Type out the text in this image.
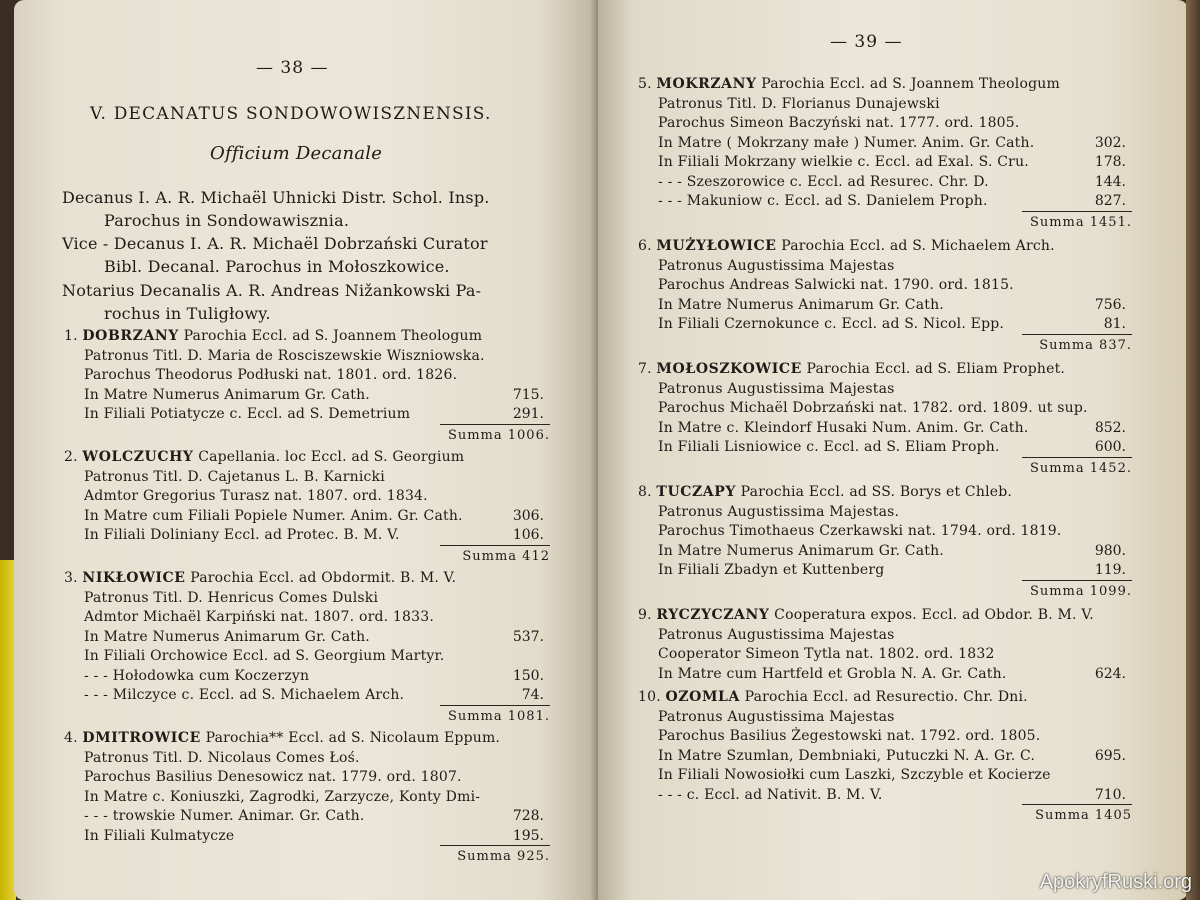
— 38 —
V. DECANATUS SONDOWOWISZNENSIS.
Officium Decanale
Decanus I. A. R. Michaël Uhnicki Distr. Schol. Insp.
Parochus in Sondowawisznia.
Vice - Decanus I. A. R. Michaël Dobrzański Curator
Bibl. Decanal. Parochus in Mołoszkowice.
Notarius Decanalis A. R. Andreas Nižankowski Pa-
rochus in Tuligłowy.
1. DOBRZANY Parochia Eccl. ad S. Joannem Theologum
Patronus Titl. D. Maria de Rosciszewskie Wiszniowska.
Parochus Theodorus Podłuski nat. 1801. ord. 1826.
In Matre Numerus Animarum Gr. Cath.	715.
In Filiali Potiatycze c. Eccl. ad S. Demetrium	291.
Summa 1006.
2. WOLCZUCHY Capellania. loc Eccl. ad S. Georgium
Patronus Titl. D. Cajetanus L. B. Karnicki
Admtor Gregorius Turasz nat. 1807. ord. 1834.
In Matre cum Filiali Popiele Numer. Anim. Gr. Cath.	306.
In Filiali Doliniany Eccl. ad Protec. B. M. V.	106.
Summa 412
3. NIKŁOWICE Parochia Eccl. ad Obdormit. B. M. V.
Patronus Titl. D. Henricus Comes Dulski
Admtor Michaël Karpiński nat. 1807. ord. 1833.
In Matre Numerus Animarum Gr. Cath.	537.
In Filiali Orchowice Eccl. ad S. Georgium Martyr.
- - - Hołodowka cum Koczerzyn	150.
- - - Milczyce c. Eccl. ad S. Michaelem Arch.	74.
Summa 1081.
4. DMITROWICE Parochia** Eccl. ad S. Nicolaum Eppum.
Patronus Titl. D. Nicolaus Comes Łoś.
Parochus Basilius Denesowicz nat. 1779. ord. 1807.
In Matre c. Koniuszki, Zagrodki, Zarzycze, Konty Dmi-
- - - trowskie Numer. Animar. Gr. Cath.	728.
In Filiali Kulmatycze	195.
Summa 925.
— 39 —
5. MOKRZANY Parochia Eccl. ad S. Joannem Theologum
Patronus Titl. D. Florianus Dunajewski
Parochus Simeon Baczyński nat. 1777. ord. 1805.
In Matre ( Mokrzany małe ) Numer. Anim. Gr. Cath.	302.
In Filiali Mokrzany wielkie c. Eccl. ad Exal. S. Cru.	178.
- - - Szeszorowice c. Eccl. ad Resurec. Chr. D.	144.
- - - Makuniow c. Eccl. ad S. Danielem Proph.	827.
Summa 1451.
6. MUŻYŁOWICE Parochia Eccl. ad S. Michaelem Arch.
Patronus Augustissima Majestas
Parochus Andreas Salwicki nat. 1790. ord. 1815.
In Matre Numerus Animarum Gr. Cath.	756.
In Filiali Czernokunce c. Eccl. ad S. Nicol. Epp.	81.
Summa 837.
7. MOŁOSZKOWICE Parochia Eccl. ad S. Eliam Prophet.
Patronus Augustissima Majestas
Parochus Michaël Dobrzański nat. 1782. ord. 1809. ut sup.
In Matre c. Kleindorf Husaki Num. Anim. Gr. Cath.	852.
In Filiali Lisniowice c. Eccl. ad S. Eliam Proph.	600.
Summa 1452.
8. TUCZAPY Parochia Eccl. ad SS. Borys et Chleb.
Patronus Augustissima Majestas.
Parochus Timothaeus Czerkawski nat. 1794. ord. 1819.
In Matre Numerus Animarum Gr. Cath.	980.
In Filiali Zbadyn et Kuttenberg	119.
Summa 1099.
9. RYCZYCZANY Cooperatura expos. Eccl. ad Obdor. B. M. V.
Patronus Augustissima Majestas
Cooperator Simeon Tytla nat. 1802. ord. 1832
In Matre cum Hartfeld et Grobla N. A. Gr. Cath.	624.
10. OZOMLA Parochia Eccl. ad Resurectio. Chr. Dni.
Patronus Augustissima Majestas
Parochus Basilius Żegestowski nat. 1792. ord. 1805.
In Matre Szumlan, Dembniaki, Putuczki N. A. Gr. C.	695.
In Filiali Nowosiołki cum Laszki, Szczyble et Kocierze
- - - c. Eccl. ad Nativit. B. M. V.	710.
Summa 1405
ApokryfRuski.org
